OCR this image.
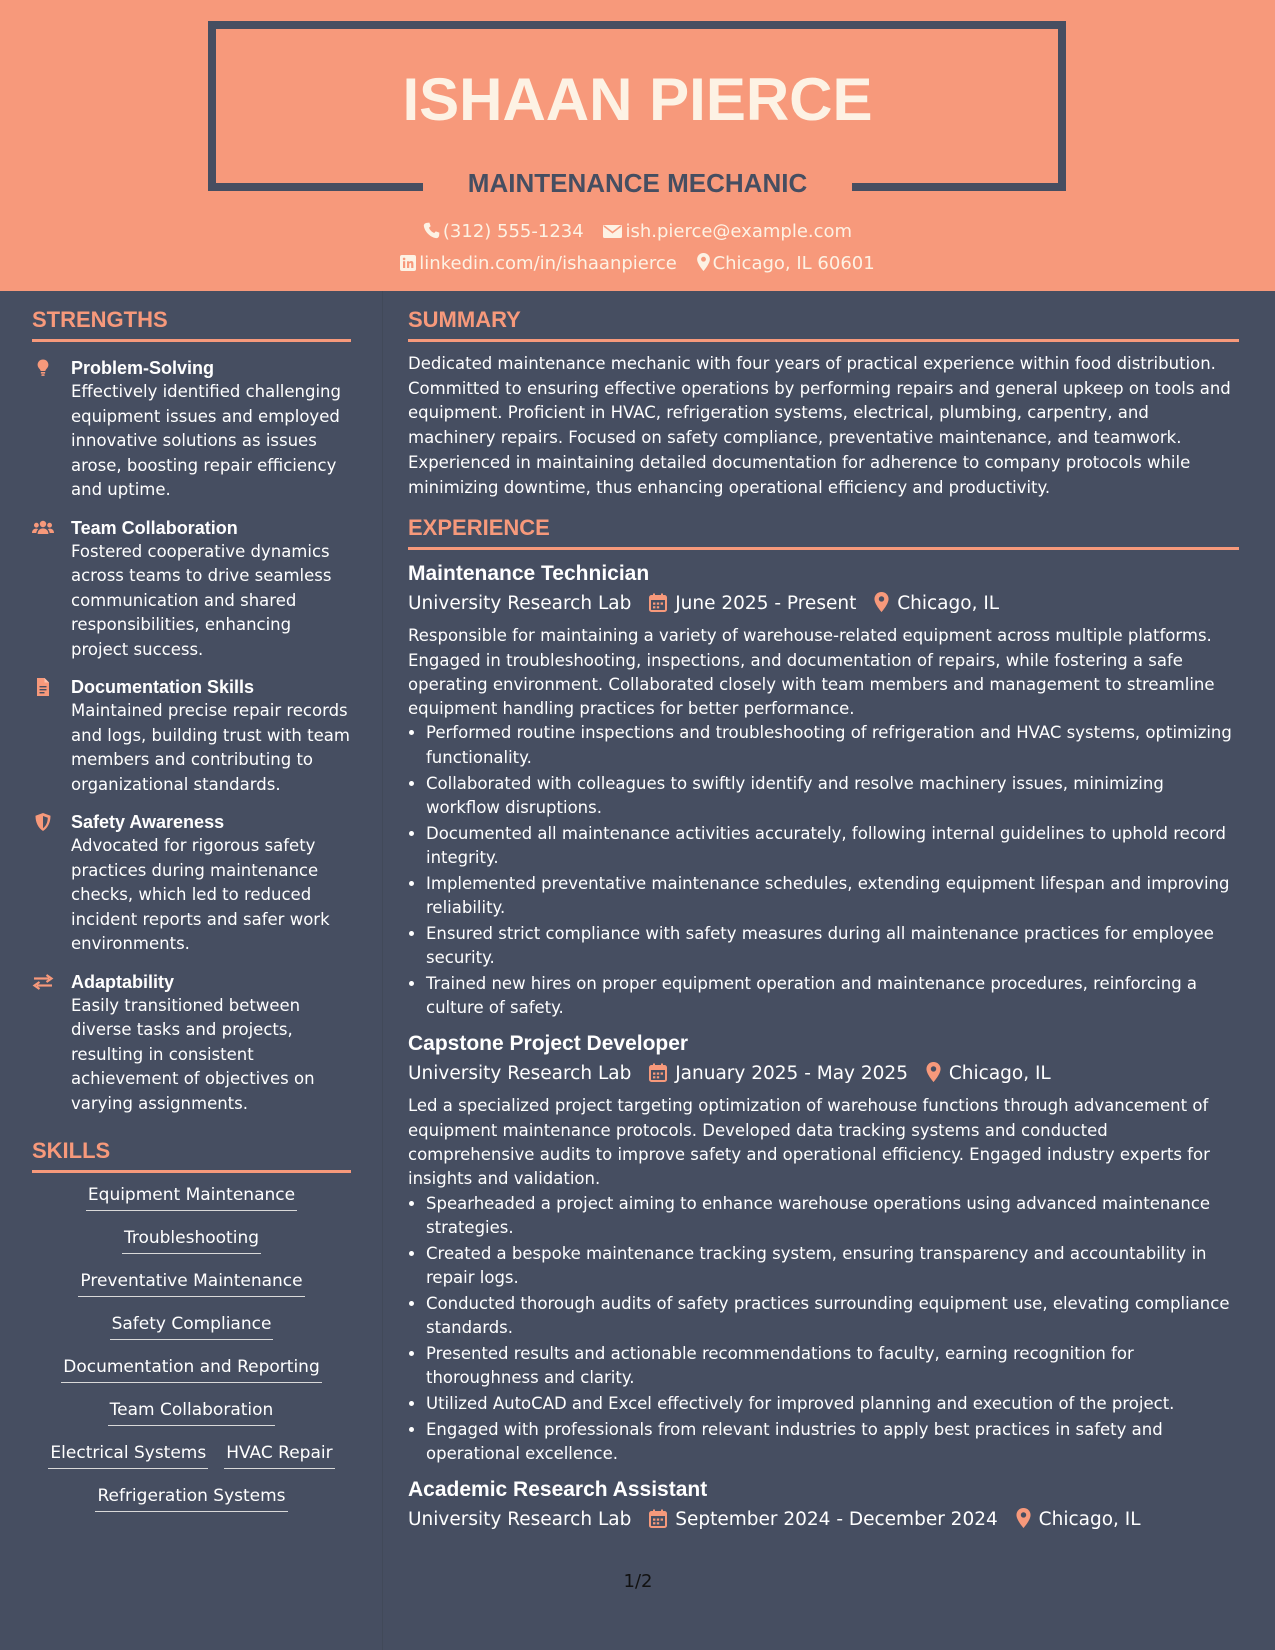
ISHAAN PIERCE
MAINTENANCE MECHANIC
(312) 555-1234 ish.pierce@example.com
linkedin.com/in/ishaanpierce Chicago, IL 60601
STRENGTHS
Problem-Solving
Effectively identified challenging equipment issues and employed innovative solutions as issues arose, boosting repair efficiency and uptime.
Team Collaboration
Fostered cooperative dynamics across teams to drive seamless communication and shared responsibilities, enhancing project success.
Documentation Skills
Maintained precise repair records and logs, building trust with team members and contributing to organizational standards.
Safety Awareness
Advocated for rigorous safety practices during maintenance checks, which led to reduced incident reports and safer work environments.
Adaptability
Easily transitioned between diverse tasks and projects, resulting in consistent achievement of objectives on varying assignments.
SKILLS
Equipment Maintenance
Troubleshooting
Preventative Maintenance
Safety Compliance
Documentation and Reporting
Team Collaboration
Electrical Systems HVAC Repair
Refrigeration Systems
SUMMARY
Dedicated maintenance mechanic with four years of practical experience within food distribution. Committed to ensuring effective operations by performing repairs and general upkeep on tools and equipment. Proficient in HVAC, refrigeration systems, electrical, plumbing, carpentry, and machinery repairs. Focused on safety compliance, preventative maintenance, and teamwork. Experienced in maintaining detailed documentation for adherence to company protocols while minimizing downtime, thus enhancing operational efficiency and productivity.
EXPERIENCE
Maintenance Technician
University Research Lab June 2025 - Present Chicago, IL
Responsible for maintaining a variety of warehouse-related equipment across multiple platforms. Engaged in troubleshooting, inspections, and documentation of repairs, while fostering a safe operating environment. Collaborated closely with team members and management to streamline equipment handling practices for better performance.
• Performed routine inspections and troubleshooting of refrigeration and HVAC systems, optimizing functionality.
• Collaborated with colleagues to swiftly identify and resolve machinery issues, minimizing workflow disruptions.
• Documented all maintenance activities accurately, following internal guidelines to uphold record integrity.
• Implemented preventative maintenance schedules, extending equipment lifespan and improving reliability.
• Ensured strict compliance with safety measures during all maintenance practices for employee security.
• Trained new hires on proper equipment operation and maintenance procedures, reinforcing a culture of safety.
Capstone Project Developer
University Research Lab January 2025 - May 2025 Chicago, IL
Led a specialized project targeting optimization of warehouse functions through advancement of equipment maintenance protocols. Developed data tracking systems and conducted comprehensive audits to improve safety and operational efficiency. Engaged industry experts for insights and validation.
• Spearheaded a project aiming to enhance warehouse operations using advanced maintenance strategies.
• Created a bespoke maintenance tracking system, ensuring transparency and accountability in repair logs.
• Conducted thorough audits of safety practices surrounding equipment use, elevating compliance standards.
• Presented results and actionable recommendations to faculty, earning recognition for thoroughness and clarity.
• Utilized AutoCAD and Excel effectively for improved planning and execution of the project.
• Engaged with professionals from relevant industries to apply best practices in safety and operational excellence.
Academic Research Assistant
University Research Lab September 2024 - December 2024 Chicago, IL
1/2
